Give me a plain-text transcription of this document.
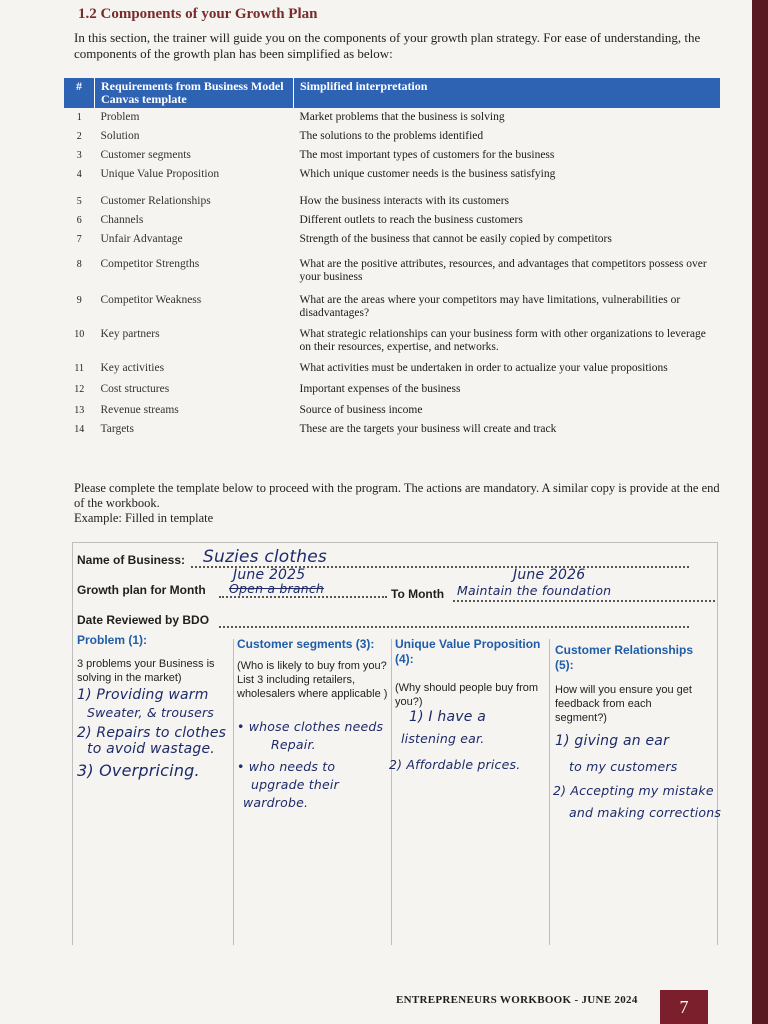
1.2 Components of your Growth Plan
In this section, the trainer will guide you on the components of your growth plan strategy. For ease of understanding, the components of the growth plan has been simplified as below:
#	Requirements from Business Model Canvas template	Simplified interpretation
1	Problem	Market problems that the business is solving
2	Solution	The solutions to the problems identified
3	Customer segments	The most important types of customers for the business
4	Unique Value Proposition	Which unique customer needs is the business satisfying
5	Customer Relationships	How the business interacts with its customers
6	Channels	Different outlets to reach the business customers
7	Unfair Advantage	Strength of the business that cannot be easily copied by competitors
8	Competitor Strengths	What are the positive attributes, resources, and advantages that competitors possess over your business
9	Competitor Weakness	What are the areas where your competitors may have limitations, vulnerabilities or disadvantages?
10	Key partners	What strategic relationships can your business form with other organizations to leverage on their resources, expertise, and networks.
11	Key activities	What activities must be undertaken in order to actualize your value propositions
12	Cost structures	Important expenses of the business
13	Revenue streams	Source of business income
14	Targets	These are the targets your business will create and track
Please complete the template below to proceed with the program. The actions are mandatory. A similar copy is provide at the end of the workbook.
Example: Filled in template
Name of Business: Suzies clothes
Growth plan for Month
June 2025
Open a branch	To Month
June 2026
Maintain the foundation
Date Reviewed by BDO
Problem (1):
3 problems your Business is solving in the market)
1) Providing warm
Sweater, & trousers
2) Repairs to clothes
to avoid wastage.
3) Overpricing.
Customer segments (3):
(Who is likely to buy from you? List 3 including retailers, wholesalers where applicable )
• whose clothes needs
Repair.
• who needs to
upgrade their
wardrobe.
Unique Value Proposition (4):
(Why should people buy from you?)
1) I have a
listening ear.
2) Affordable prices.
Customer Relationships (5):
How will you ensure you get feedback from each segment?)
1) giving an ear
to my customers
2) Accepting my mistake
and making corrections
ENTREPRENEURS WORKBOOK - JUNE 2024	7
